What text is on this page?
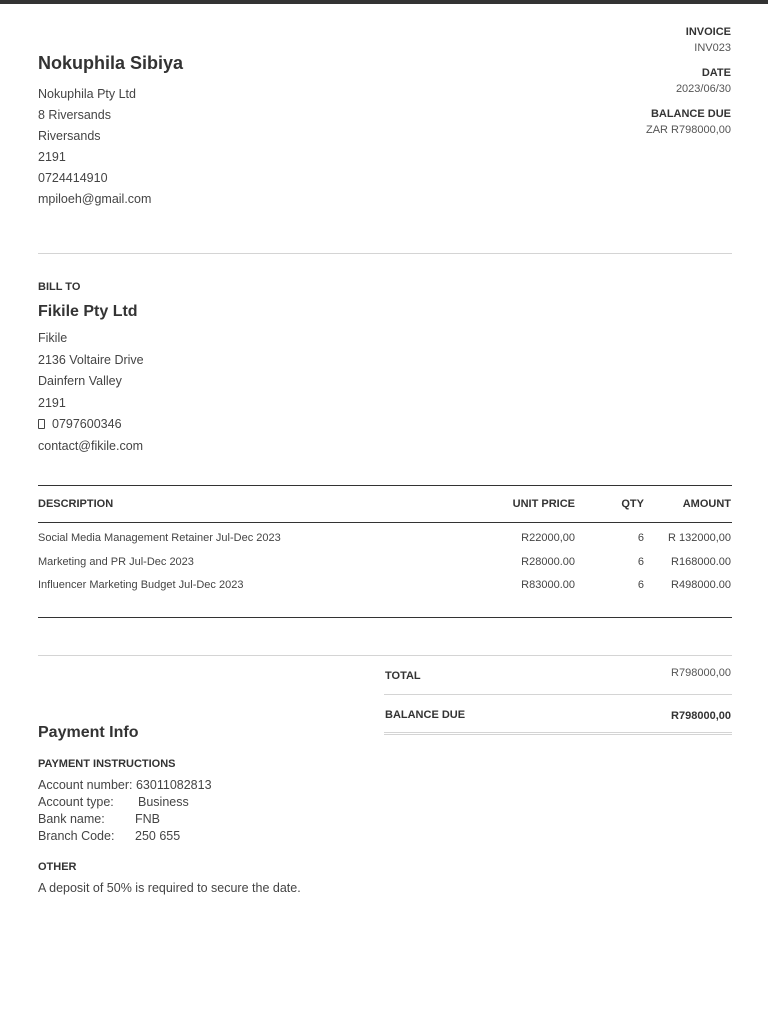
Nokuphila Sibiya
Nokuphila Pty Ltd
8 Riversands
Riversands
2191
0724414910
mpiloeh@gmail.com
INVOICE
INV023
DATE
2023/06/30
BALANCE DUE
ZAR R798000,00
BILL TO
Fikile Pty Ltd
Fikile
2136 Voltaire Drive
Dainfern Valley
2191
0797600346
contact@fikile.com
DESCRIPTION	UNIT PRICE	QTY	AMOUNT
Social Media Management Retainer Jul-Dec 2023	R22000,00	6 R 132000,00
Marketing and PR Jul-Dec 2023	R28000.00	6 R168000.00
Influencer Marketing Budget Jul-Dec 2023	R83000.00	6 R498000.00
TOTAL	R798000,00
BALANCE DUE	R798000,00
Payment Info
PAYMENT INSTRUCTIONS
Account number: 63011082813
Account type: Business
Bank name: FNB
Branch Code: 250 655
OTHER
A deposit of 50% is required to secure the date.
